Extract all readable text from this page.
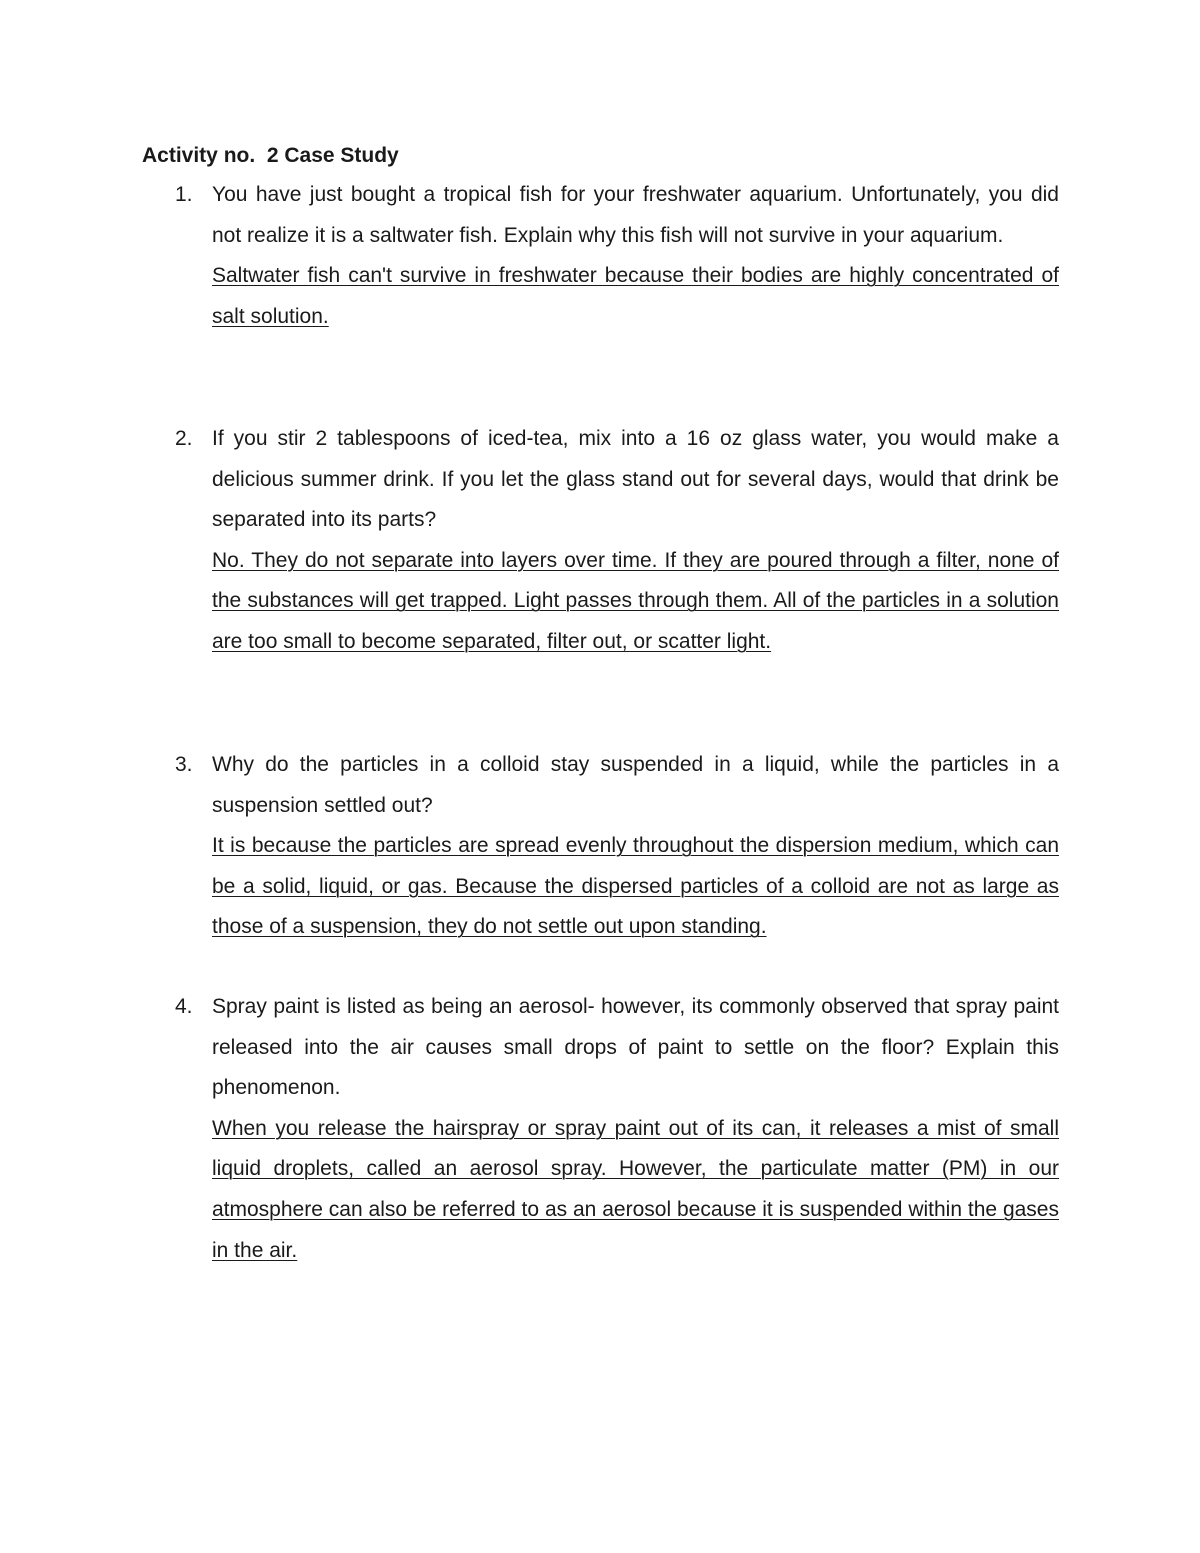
Activity no.  2 Case Study
1. You have just bought a tropical fish for your freshwater aquarium. Unfortunately, you did not realize it is a saltwater fish. Explain why this fish will not survive in your aquarium.
Saltwater fish can't survive in freshwater because their bodies are highly concentrated of salt solution.
2. If you stir 2 tablespoons of iced-tea, mix into a 16 oz glass water, you would make a delicious summer drink. If you let the glass stand out for several days, would that drink be separated into its parts?
No. They do not separate into layers over time. If they are poured through a filter, none of the substances will get trapped. Light passes through them. All of the particles in a solution are too small to become separated, filter out, or scatter light.
3. Why do the particles in a colloid stay suspended in a liquid, while the particles in a suspension settled out?
It is because the particles are spread evenly throughout the dispersion medium, which can be a solid, liquid, or gas. Because the dispersed particles of a colloid are not as large as those of a suspension, they do not settle out upon standing.
4. Spray paint is listed as being an aerosol- however, its commonly observed that spray paint released into the air causes small drops of paint to settle on the floor? Explain this phenomenon.
When you release the hairspray or spray paint out of its can, it releases a mist of small liquid droplets, called an aerosol spray. However, the particulate matter (PM) in our atmosphere can also be referred to as an aerosol because it is suspended within the gases in the air.
